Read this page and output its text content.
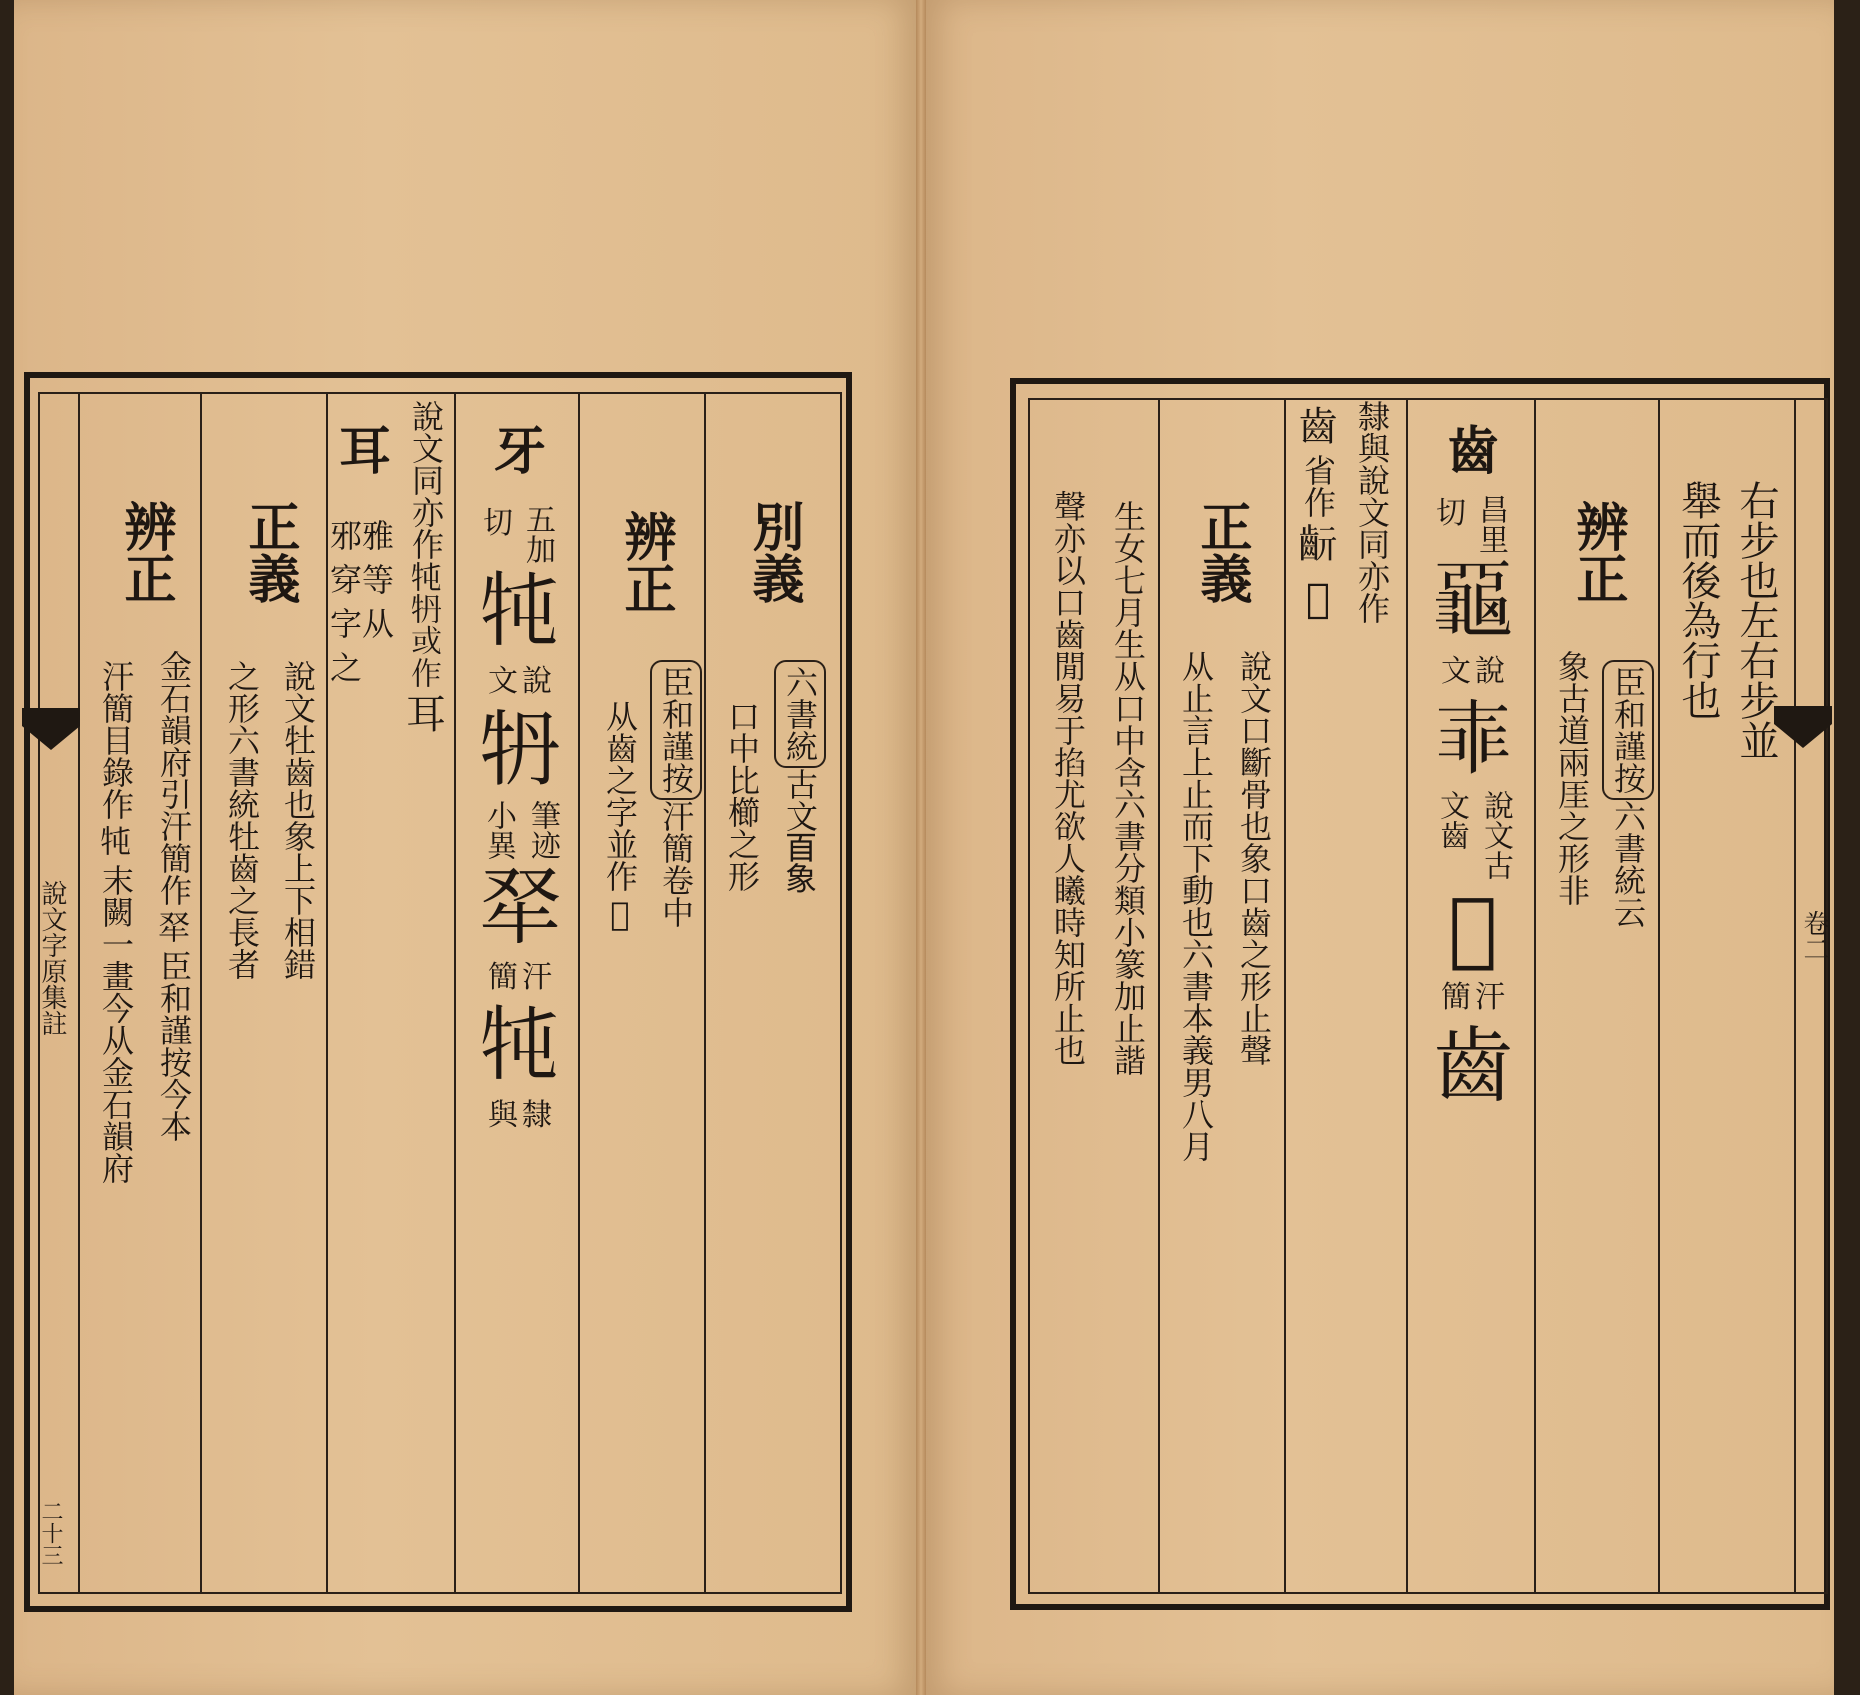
說文字原集註
二十三
別義
六書統
古文
𦣻象
口中比櫛之形
辨正
臣和謹按
汗簡卷中
从齒之字並作
𠚕
牙
五加
切
𤘫
說
文
𤘪
筆迹
小異
𤘩
汗
簡
𤘫
隸
與
說文同亦作
𤘫𤘪或作
耳
耳
邪雅穿等字从之
正義
說文牡齒也象上下相錯
之形
六書統牡齒之長者
辨正
金石韻府引汗簡作
𤘩
臣和謹按今本
汗簡目錄作
𤘫
末闕一畫今从金石
韻府
卷二
右步也左右步並
舉而後為行也
辨正
臣和謹按
六書統云
象古道兩厓之形非
齒
昌里
切
𪚦
說
文
𠁰
說文古
文齒
𠚕
汗
簡
齒
隸與說文同亦作
齒
省作
𪗞
𠚕
正義
說文口斷骨也象口齒之形止聲
从止言上止而下動也
六書本義
男八月
生女七月生从口中含
六書分類
小篆加止諧
聲亦以口齒閒易于掐
尤欲人䂀時知所止也
